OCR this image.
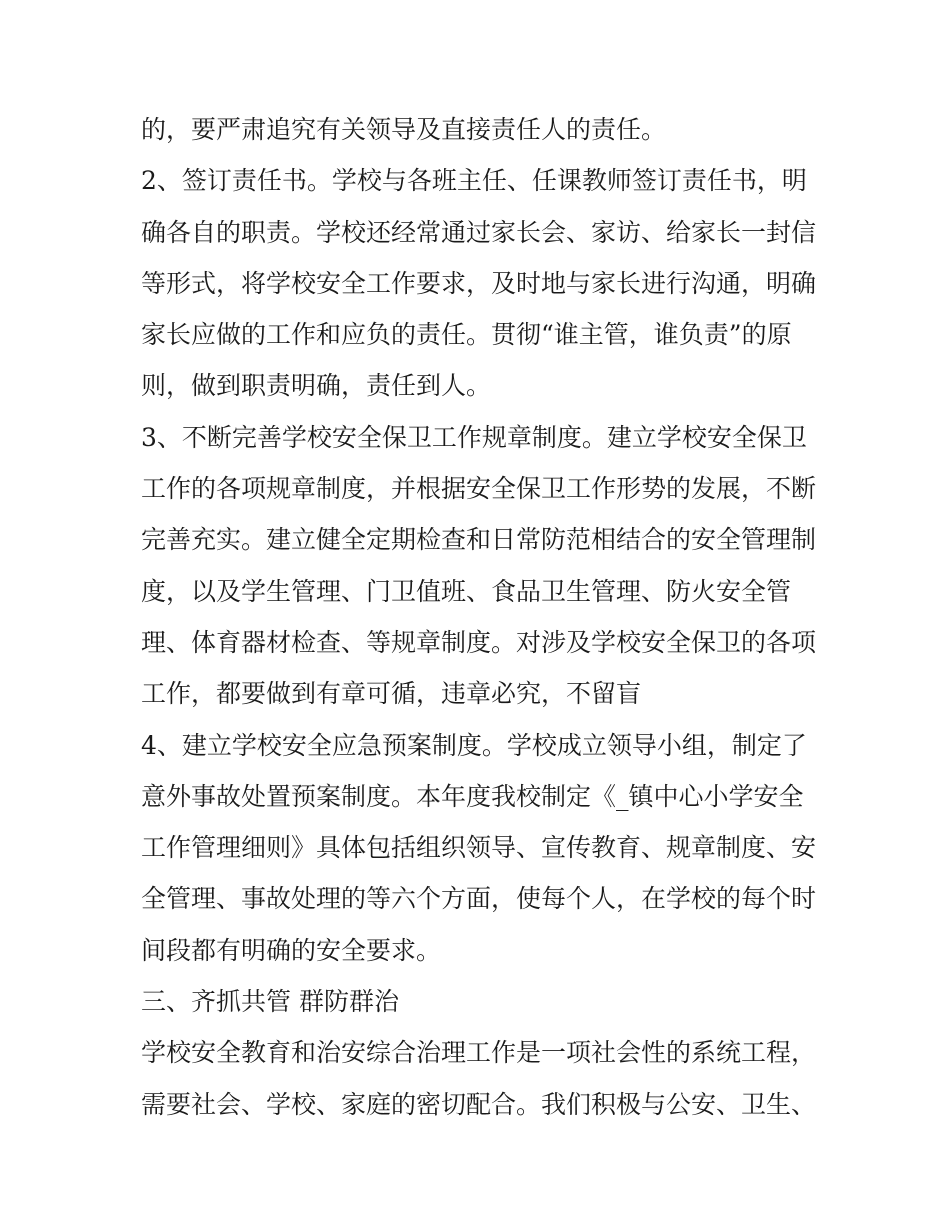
的，要严肃追究有关领导及直接责任人的责任。
2、签订责任书。学校与各班主任、任课教师签订责任书，明
确各自的职责。学校还经常通过家长会、家访、给家长一封信
等形式，将学校安全工作要求，及时地与家长进行沟通，明确
家长应做的工作和应负的责任。贯彻“谁主管，谁负责”的原
则，做到职责明确，责任到人。
3、不断完善学校安全保卫工作规章制度。建立学校安全保卫
工作的各项规章制度，并根据安全保卫工作形势的发展，不断
完善充实。建立健全定期检查和日常防范相结合的安全管理制
度，以及学生管理、门卫值班、食品卫生管理、防火安全管
理、体育器材检查、等规章制度。对涉及学校安全保卫的各项
工作，都要做到有章可循，违章必究，不留盲
4、建立学校安全应急预案制度。学校成立领导小组，制定了
意外事故处置预案制度。本年度我校制定《_镇中心小学安全
工作管理细则》具体包括组织领导、宣传教育、规章制度、安
全管理、事故处理的等六个方面，使每个人，在学校的每个时
间段都有明确的安全要求。
三、齐抓共管 群防群治
学校安全教育和治安综合治理工作是一项社会性的系统工程，
需要社会、学校、家庭的密切配合。我们积极与公安、卫生、
